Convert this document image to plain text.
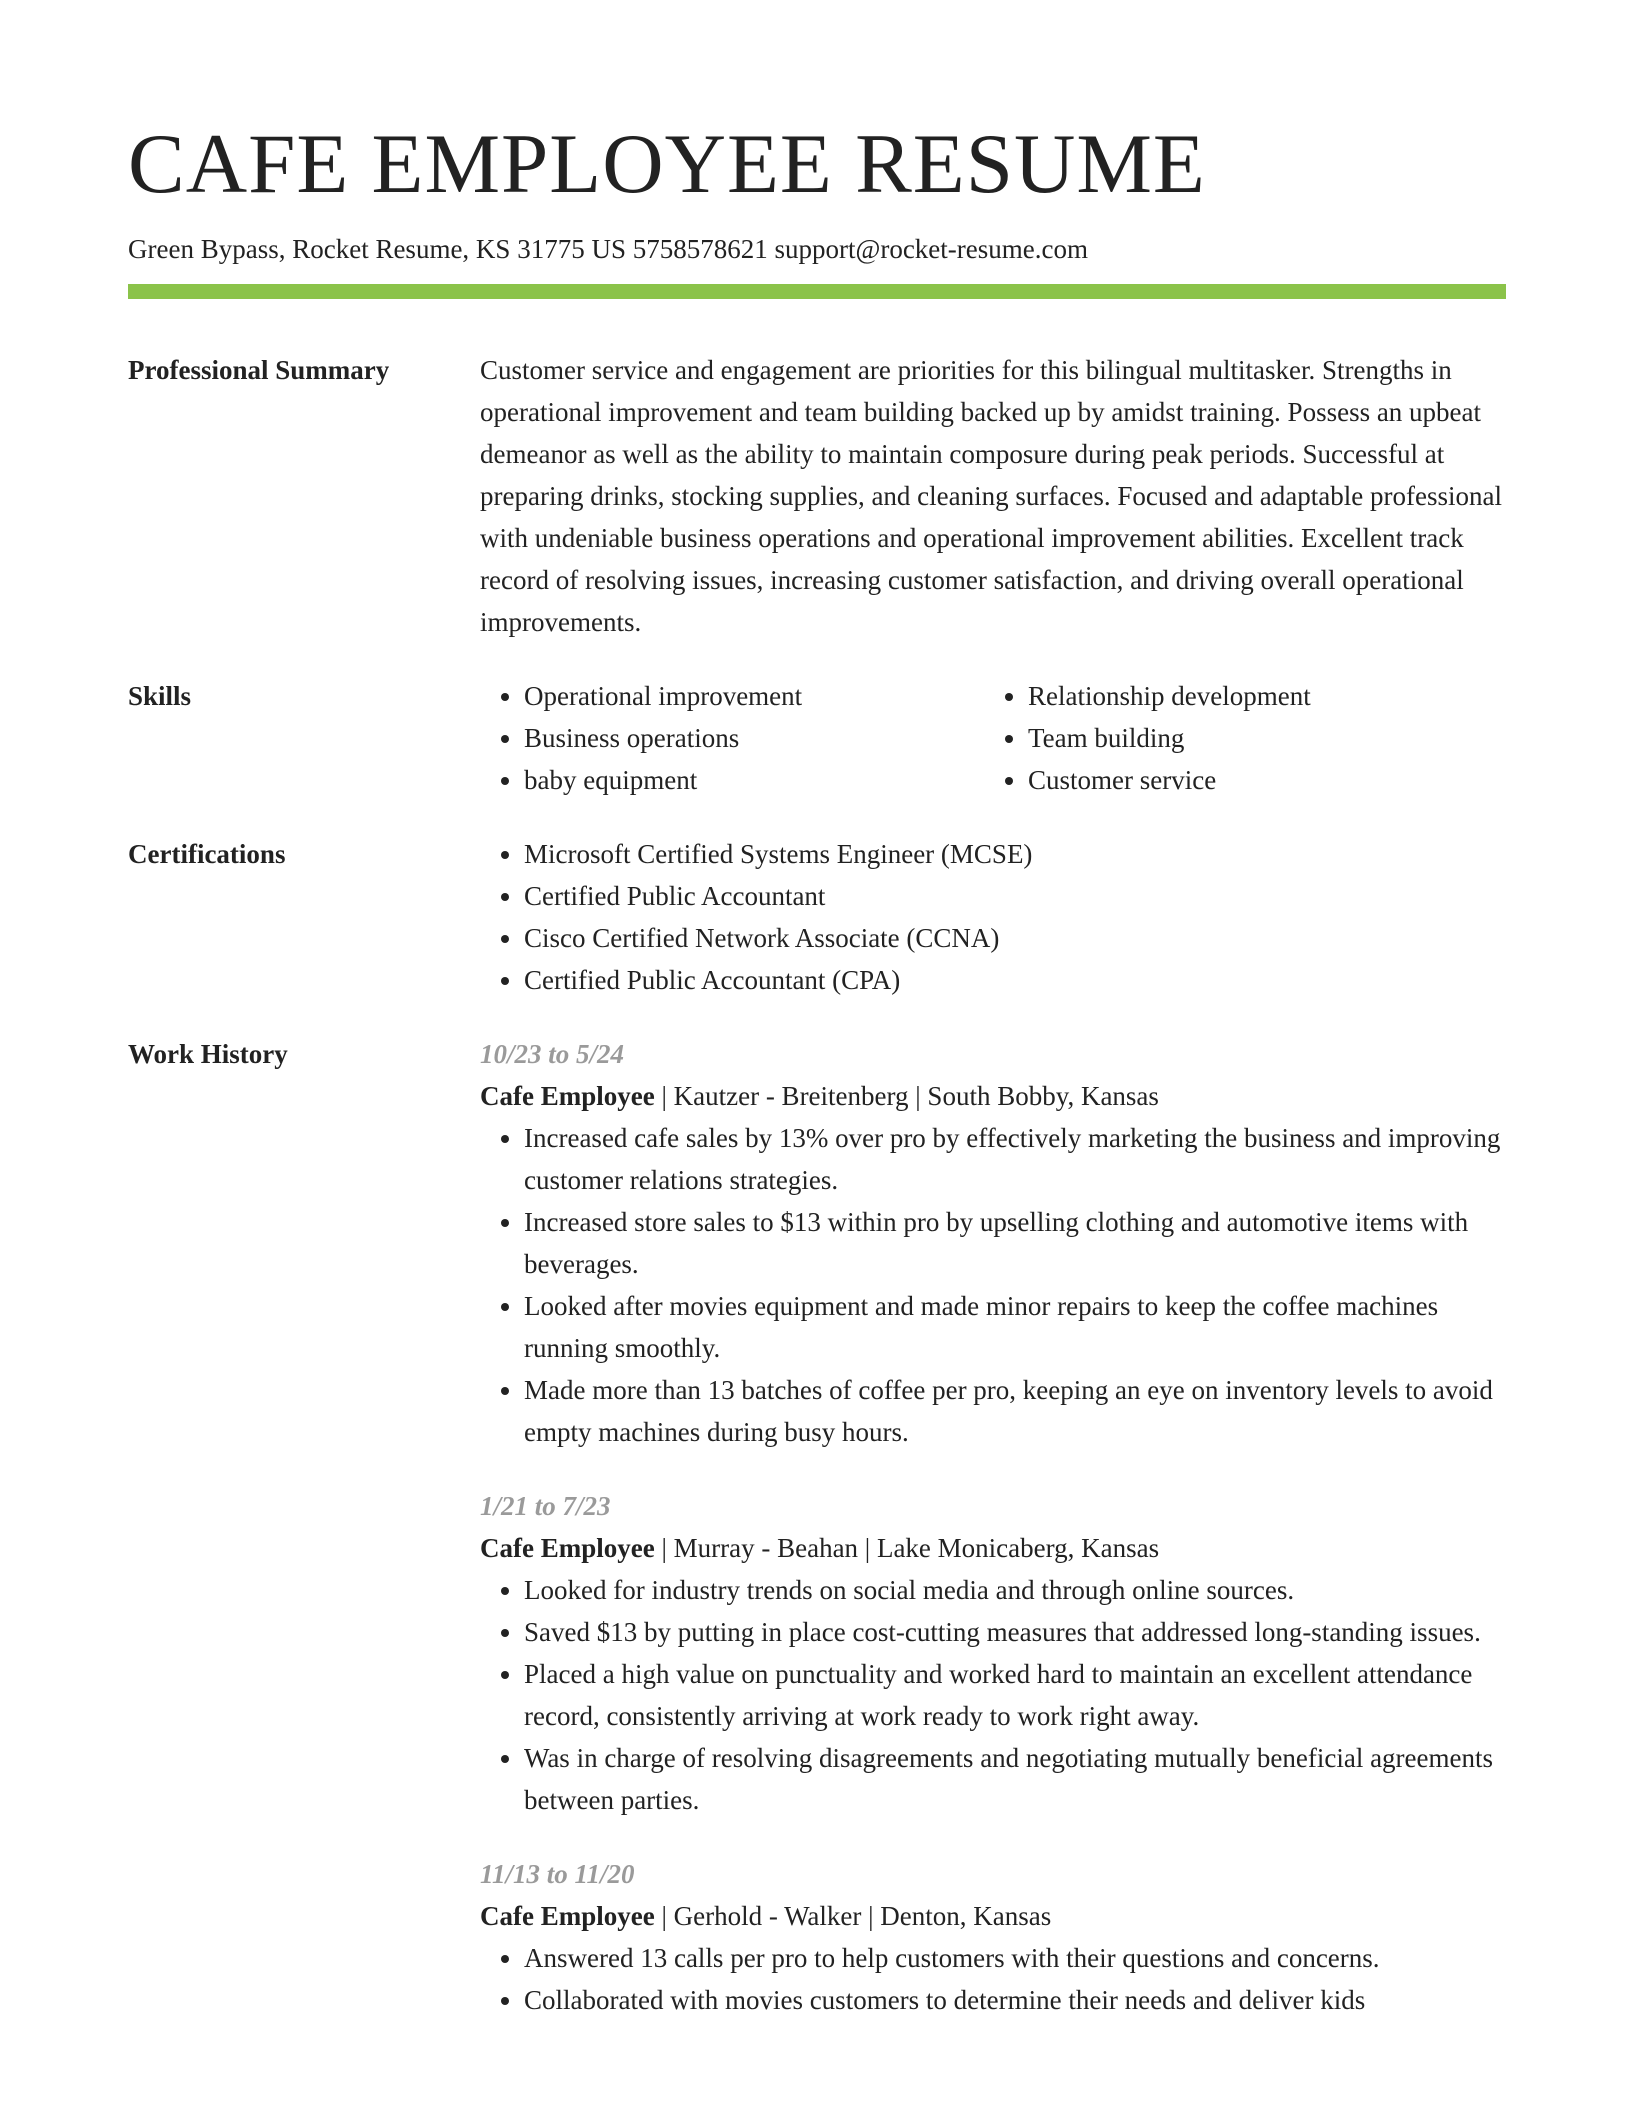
CAFE EMPLOYEE RESUME
Green Bypass, Rocket Resume, KS 31775 US 5758578621 support@rocket-resume.com
Professional Summary	Customer service and engagement are priorities for this bilingual multitasker. Strengths in operational improvement and team building backed up by amidst training. Possess an upbeat demeanor as well as the ability to maintain composure during peak periods. Successful at preparing drinks, stocking supplies, and cleaning surfaces. Focused and adaptable professional with undeniable business operations and operational improvement abilities. Excellent track record of resolving issues, increasing customer satisfaction, and driving overall operational improvements.

Skills	• Operational improvement
• Business operations
• baby equipment
• Relationship development
• Team building
• Customer service
Certifications	• Microsoft Certified Systems Engineer (MCSE)
• Certified Public Accountant
• Cisco Certified Network Associate (CCNA)
• Certified Public Accountant (CPA)
Work History	10/23 to 5/24
Cafe Employee | Kautzer - Breitenberg | South Bobby, Kansas
• Increased cafe sales by 13% over pro by effectively marketing the business and improving customer relations strategies.
• Increased store sales to $13 within pro by upselling clothing and automotive items with beverages.
• Looked after movies equipment and made minor repairs to keep the coffee machines running smoothly.
• Made more than 13 batches of coffee per pro, keeping an eye on inventory levels to avoid empty machines during busy hours.
1/21 to 7/23
Cafe Employee | Murray - Beahan | Lake Monicaberg, Kansas
• Looked for industry trends on social media and through online sources.
• Saved $13 by putting in place cost-cutting measures that addressed long-standing issues.
• Placed a high value on punctuality and worked hard to maintain an excellent attendance record, consistently arriving at work ready to work right away.
• Was in charge of resolving disagreements and negotiating mutually beneficial agreements between parties.
11/13 to 11/20
Cafe Employee | Gerhold - Walker | Denton, Kansas
• Answered 13 calls per pro to help customers with their questions and concerns.
• Collaborated with movies customers to determine their needs and deliver kids
